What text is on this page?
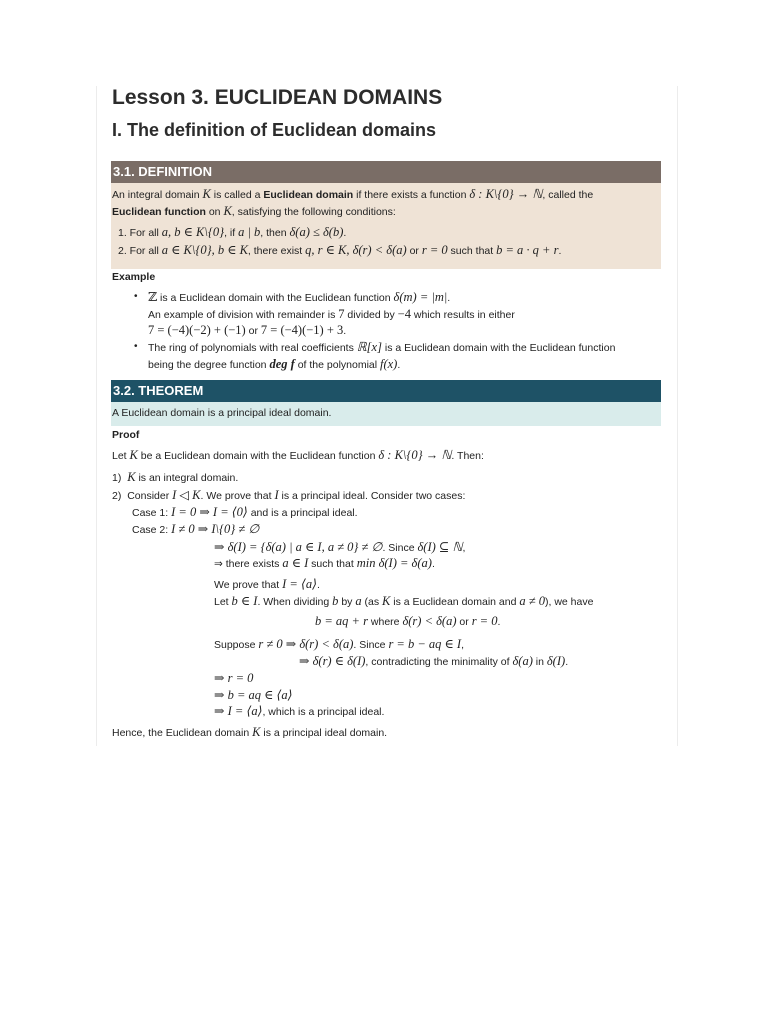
Lesson 3. EUCLIDEAN DOMAINS
I. The definition of Euclidean domains
3.1. DEFINITION
An integral domain K is called a Euclidean domain if there exists a function δ : K\{0} → ℕ, called the
Euclidean function on K, satisfying the following conditions:
1. For all a, b ∈ K\{0}, if a | b, then δ(a) ≤ δ(b).
2. For all a ∈ K\{0}, b ∈ K, there exist q, r ∈ K, δ(r) < δ(a) or r = 0 such that b = a · q + r.
Example
• ℤ is a Euclidean domain with the Euclidean function δ(m) = |m|.
An example of division with remainder is 7 divided by −4 which results in either
7 = (−4)(−2) + (−1) or 7 = (−4)(−1) + 3.
• The ring of polynomials with real coefficients ℝ[x] is a Euclidean domain with the Euclidean function
being the degree function deg f of the polynomial f(x).
3.2. THEOREM
A Euclidean domain is a principal ideal domain.
Proof
Let K be a Euclidean domain with the Euclidean function δ : K\{0} → ℕ. Then:
1) K is an integral domain.
2) Consider I ◁ K. We prove that I is a principal ideal. Consider two cases:
Case 1: I = 0 ⇒ I = ⟨0⟩ and is a principal ideal.
Case 2: I ≠ 0 ⇒ I\{0} ≠ ∅
⇒ δ(I) = {δ(a) | a ∈ I, a ≠ 0} ≠ ∅. Since δ(I) ⊆ ℕ,
⇒ there exists a ∈ I such that min δ(I) = δ(a).
We prove that I = ⟨a⟩.
Let b ∈ I. When dividing b by a (as K is a Euclidean domain and a ≠ 0), we have
b = aq + r where δ(r) < δ(a) or r = 0.
Suppose r ≠ 0 ⇒ δ(r) < δ(a). Since r = b − aq ∈ I,
⇒ δ(r) ∈ δ(I), contradicting the minimality of δ(a) in δ(I).
⇒ r = 0
⇒ b = aq ∈ ⟨a⟩
⇒ I = ⟨a⟩, which is a principal ideal.
Hence, the Euclidean domain K is a principal ideal domain.
